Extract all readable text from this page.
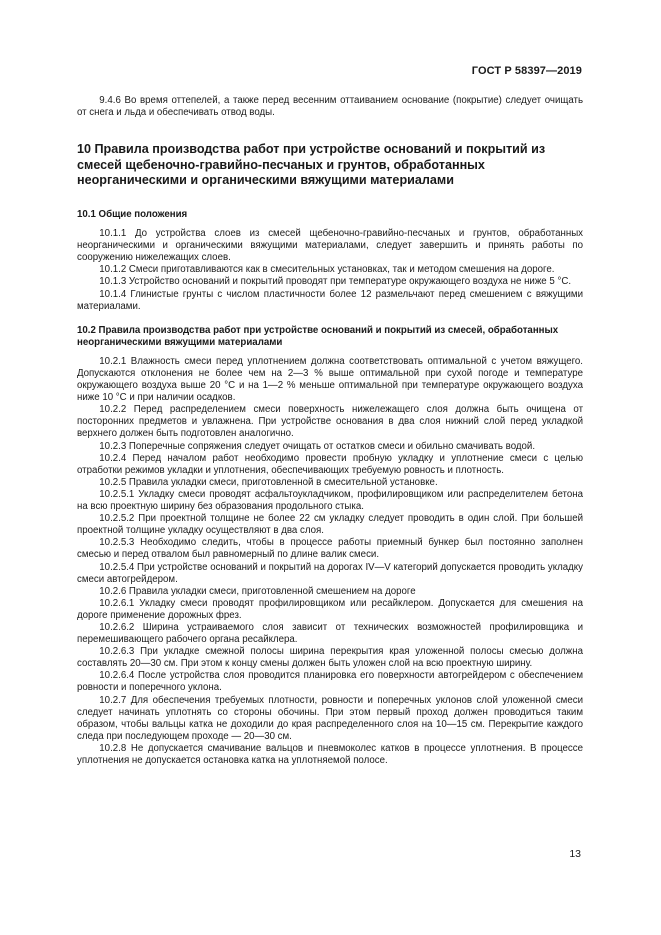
ГОСТ Р 58397—2019

9.4.6 Во время оттепелей, а также перед весенним оттаиванием основание (покрытие) следует очищать от снега и льда и обеспечивать отвод воды.

10 Правила производства работ при устройстве оснований и покрытий из смесей щебеночно-гравийно-песчаных и грунтов, обработанных неорганическими и органическими вяжущими материалами
10.1 Общие положения

10.1.1 До устройства слоев из смесей щебеночно-гравийно-песчаных и грунтов, обработанных неорганическими и органическими вяжущими материалами, следует завершить и принять работы по сооружению нижележащих слоев.

10.1.2 Смеси приготавливаются как в смесительных установках, так и методом смешения на дороге.

10.1.3 Устройство оснований и покрытий проводят при температуре окружающего воздуха не ниже 5 °С.

10.1.4 Глинистые грунты с числом пластичности более 12 размельчают перед смешением с вяжущими материалами.

10.2 Правила производства работ при устройстве оснований и покрытий из смесей, обработанных неорганическими вяжущими материалами

10.2.1 Влажность смеси перед уплотнением должна соответствовать оптимальной с учетом вяжущего. Допускаются отклонения не более чем на 2—3 % выше оптимальной при сухой погоде и температуре окружающего воздуха выше 20 °С и на 1—2 % меньше оптимальной при температуре окружающего воздуха ниже 10 °С и при наличии осадков.

10.2.2 Перед распределением смеси поверхность нижележащего слоя должна быть очищена от посторонних предметов и увлажнена. При устройстве основания в два слоя нижний слой перед укладкой верхнего должен быть подготовлен аналогично.

10.2.3 Поперечные сопряжения следует очищать от остатков смеси и обильно смачивать водой.

10.2.4 Перед началом работ необходимо провести пробную укладку и уплотнение смеси с целью отработки режимов укладки и уплотнения, обеспечивающих требуемую ровность и плотность.

10.2.5 Правила укладки смеси, приготовленной в смесительной установке.

10.2.5.1 Укладку смеси проводят асфальтоукладчиком, профилировщиком или распределителем бетона на всю проектную ширину без образования продольного стыка.

10.2.5.2 При проектной толщине не более 22 см укладку следует проводить в один слой. При большей проектной толщине укладку осуществляют в два слоя.

10.2.5.3 Необходимо следить, чтобы в процессе работы приемный бункер был постоянно заполнен смесью и перед отвалом был равномерный по длине валик смеси.

10.2.5.4 При устройстве оснований и покрытий на дорогах IV—V категорий допускается проводить укладку смеси автогрейдером.

10.2.6 Правила укладки смеси, приготовленной смешением на дороге

10.2.6.1 Укладку смеси проводят профилировщиком или ресайклером. Допускается для смешения на дороге применение дорожных фрез.

10.2.6.2 Ширина устраиваемого слоя зависит от технических возможностей профилировщика и перемешивающего рабочего органа ресайклера.

10.2.6.3 При укладке смежной полосы ширина перекрытия края уложенной полосы смесью должна составлять 20—30 см. При этом к концу смены должен быть уложен слой на всю проектную ширину.

10.2.6.4 После устройства слоя проводится планировка его поверхности автогрейдером с обеспечением ровности и поперечного уклона.

10.2.7 Для обеспечения требуемых плотности, ровности и поперечных уклонов слой уложенной смеси следует начинать уплотнять со стороны обочины. При этом первый проход должен проводиться таким образом, чтобы вальцы катка не доходили до края распределенного слоя на 10—15 см. Перекрытие каждого следа при последующем проходе — 20—30 см.

10.2.8 Не допускается смачивание вальцов и пневмоколес катков в процессе уплотнения. В процессе уплотнения не допускается остановка катка на уплотняемой полосе.

13
